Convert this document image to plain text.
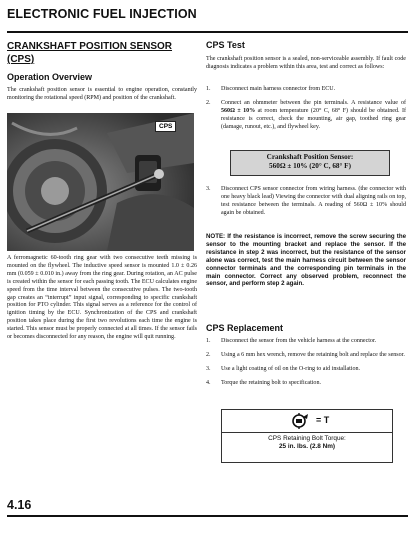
ELECTRONIC FUEL INJECTION
CRANKSHAFT POSITION SENSOR (CPS)
Operation Overview
The crankshaft position sensor is essential to engine operation, constantly monitoring the rotational speed (RPM) and position of the crankshaft.
CPS
A ferromagnetic 60-tooth ring gear with two consecutive teeth missing is mounted on the flywheel. The inductive speed sensor is mounted 1.0 ± 0.26 mm (0.059 ± 0.010 in.) away from the ring gear. During rotation, an AC pulse is created within the sensor for each passing tooth. The ECU calculates engine speed from the time interval between the consecutive pulses. The two-tooth gap creates an “interrupt” input signal, corresponding to specific crankshaft position for PTO cylinder. This signal serves as a reference for the control of ignition timing by the ECU. Synchronization of the CPS and crankshaft position takes place during the first two revolutions each time the engine is started. This sensor must be properly connected at all times. If the sensor fails or becomes disconnected for any reason, the engine will quit running.
CPS Test
The crankshaft position sensor is a sealed, non-serviceable assembly. If fault code diagnosis indicates a problem within this area, test and correct as follows:
1. Disconnect main harness connector from ECU.
2. Connect an ohmmeter between the pin terminals. A resistance value of 560Ω ± 10% at room temperature (20° C, 68° F) should be obtained. If resistance is correct, check the mounting, air gap, toothed ring gear (damage, runout, etc.), and flywheel key.
Crankshaft Position Sensor:
560Ω ± 10% (20° C, 68° F)
3. Disconnect CPS sensor connector from wiring harness. (the connector with one heavy black lead) Viewing the connector with dual aligning rails on top, test resistance between the terminals. A reading of 560Ω ± 10% should again be obtained.
NOTE: If the resistance is incorrect, remove the screw securing the sensor to the mounting bracket and replace the sensor. If the resistance in step 2 was incorrect, but the resistance of the sensor alone was correct, test the main harness circuit between the sensor connector terminals and the corresponding pin terminals in the main connector. Correct any observed problem, reconnect the sensor, and perform step 2 again.
CPS Replacement
1. Disconnect the sensor from the vehicle harness at the connector.
2. Using a 6 mm hex wrench, remove the retaining bolt and replace the sensor.
3. Use a light coating of oil on the O-ring to aid installation.
4. Torque the retaining bolt to specification.
= T
CPS Retaining Bolt Torque:
25 in. lbs. (2.8 Nm)
4.16
